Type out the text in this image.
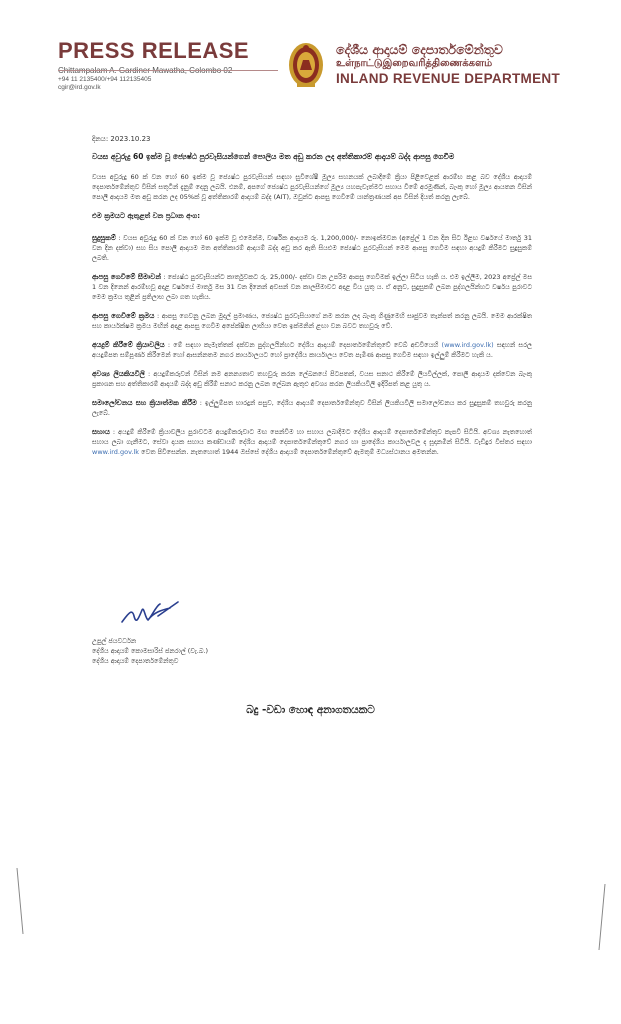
PRESS RELEASE
+94 11 2135400/+94 112135405
cgir@ird.gov.lk
දේශීය ආදායම් දෙපාර්තමේන්තුව
உள்நாட்டுஇறைவரித்திணைக்களம்
INLAND REVENUE DEPARTMENT
දිනය: 2023.10.23
වයස අවුරුදු 60 ඉක්ම වූ ජ්‍යෙෂ්ඨ පුරවැසියන්ගෙන් පොලිය මත අඩු කරන ලද අත්තිකාරම් ආදායම් බද්ද ආපසු ගෙවීම

වයස අවුරුදු 60 ක් වන හෝ 60 ඉක්ම වූ ජ්‍යෙෂ්ඨ පුරවැසියන් සඳහා සුවිශේෂී මූල්‍ය සහනයක් ලබාදීමේ ක්‍රියා පිළිවෙළක් ආරම්භ කළ බව දේශීය ආදායම් දෙපාර්තමේන්තුව විසින් සතුටින් දැනුම් දෙනු ලබයි. එනම්, අපගේ ජ්‍යෙෂ්ඨ පුරවැසියන්ගේ මූල්‍ය යහපැවැත්මට සහාය වීමේ අරමුණින්, බැංකු හෝ මූල්‍ය ආයතන විසින් පොලී ආදායම මත අඩු කරන ලද 05%ක් වූ අත්තිකාරම් ආදායම් බද්ද (AIT), ඔවුන්ට ආපසු ගෙවීමේ යාන්ත්‍රණයක් අප විසින් දියත් කරනු ලැබේ.

එම ක්‍රමයට ඇතුළත් වන ප්‍රධාන අංග:

සුදුසුකම් : වයස අවුරුදු 60 ක් වන හෝ 60 ඉක්ම වූ එමෙන්ම, වාර්ෂික ආදායම රු. 1,200,000/- නොඉක්මවන (අප්‍රේල් 1 වන දින සිට ඊළඟ වර්ෂයේ මාර්තු 31 වන දින දක්වා) සහ සිය පොලී ආදායම මත අත්තිකාරම් ආදායම් බද්ද අඩු කර ඇති සියළුම ජ්‍යෙෂ්ඨ පුරවැසියන් මෙම ආපසු ගෙවීම සඳහා අයදුම් කිරීමට සුදුසුකම් ලබති.

ආපසු ගෙවීමේ සීමාවන් : ජ්‍යෙෂ්ඨ පුරවැසියන්ට කාර්තුවකට රු. 25,000/- දක්වා වන උපරිම ආපසු ගෙවීමක් ඉල්ලා සිටිය හැකි ය. එම ඉල්ලීම, 2023 අප්‍රේල් මස 1 වන දිනෙන් ආරම්භවූ අදාළ වර්ෂයේ මාර්තු මස 31 වන දිනෙන් අවසන් වන කාලසීමාවට අදාළ විය යුතු ය. ඒ අනුව, සුදුසුකම් ලබන පුද්ගලයින්හට වර්ෂය පුරාවට මෙම ක්‍රමය තුළින් ප්‍රතිලාභ ලබා ගත හැකිය.

ආපසු ගෙවීමේ ක්‍රමය : ආපසු ගෙවනු ලබන මුදල් ප්‍රමාණය, ජ්‍යෙෂ්ඨ පුරවැසියාගේ නම කරන ලද බැංකු ගිණුමෙහි සෘජුවම තැන්පත් කරනු ලබයි. මෙම ආරක්ෂිත සහ කාර්යක්ෂම ක්‍රමය මඟින් අදාළ ආපසු ගෙවීම අපේක්ෂිත ලාභියා වෙත ඉක්මනින් ළඟා වන බවට තහවුරු වේ.

අයදුම් කිරීමේ ක්‍රියාවලිය : මේ සඳහා කැමැත්තක් දක්වන පුද්ගලයින්හට දේශීය ආදායම් දෙපාර්තමේන්තුවේ වෙබ් අඩවියෙහි (www.ird.gov.lk) සඳහන් සරල අයදුම්පත සම්පූර්ණ කිරීමෙන් හෝ ආසන්නතම නගර කාර්යාලයට හෝ ප්‍රාදේශීය කාර්යාලය වෙත පැමිණ ආපසු ගෙවීම සඳහා ඉල්ලුම් කිරීමට හැකි ය.

අවශ්‍ය ලියකියවිලි : අයදුම්කරුවන් විසින් නම අනන්‍යතාව තහවුරු කරන ලේඛනයේ පිටපතක්, වයස සනාථ කිරීමේ ලියවිල්ලක්, පොලී ආදායම දක්වෙන බැංකු ප්‍රකාශන සහ අත්තිකාරම් ආදායම් බද්ද අඩු කිරීම් සනාථ කරනු ලබන ලේඛන ඇතුළු අවශ්‍ය කරන ලියකියවිලි ඉදිරිපත් කළ යුතු ය.

සමාලෝචනය සහ ක්‍රියාත්මක කිරීම : ඉල්ලුම්පත භාරදුන් පසුව, දේශීය ආදායම් දෙපාර්තමේන්තුව විසින් ලියකියවිලි සමාලෝචනය කර සුදුසුකම් තහවුරු කරනු ලැබේ.

සහාය : අයදුම් කිරීමේ ක්‍රියාවලිය පුරාවටම අයදුම්කරුවාට මඟ පෙන්වීම හා සහාය ලබාදීමට දේශීය ආදායම් දෙපාර්තමේන්තුව කැපවී සිටියි. අවශ්‍ය නැතහොත් සහාය ලබා ගැනීමට, සේවා දායක සහාය කණ්ඩායම් දේශීය ආදායම් දෙපාර්තමේන්තුවේ නගර හා ප්‍රාදේශීය කාර්යාලවල ද සූදානමින් සිටියි. වැඩිදුර විස්තර සඳහා www.ird.gov.lk වෙත පිවිසෙන්න. නැතහොත් 1944 ඔස්සේ දේශීය ආදායම් දෙපාර්තමේන්තුවේ ඇමතුම් මධ්‍යස්ථානය අමතන්න.

උපුල් ජයවර්ධන
දේශීය ආදායම් කොමසාරිස් ජනරාල් (වැ.බ.)
දේශීය ආදායම් දෙපාර්තමේන්තුව
බදු -වඩා හොඳ අනාගතයකට
